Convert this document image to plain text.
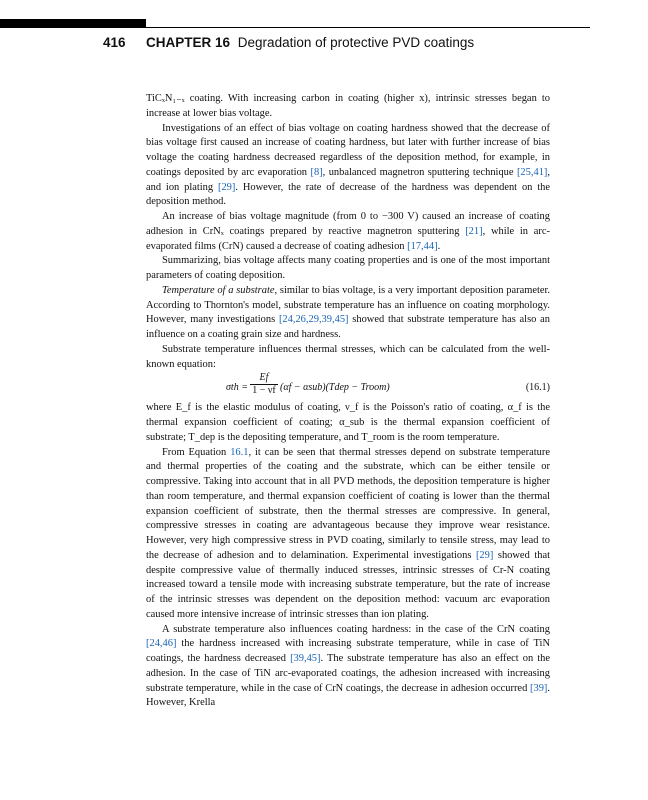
416 CHAPTER 16 Degradation of protective PVD coatings

TiCₓN₁₋ₓ coating. With increasing carbon in coating (higher x), intrinsic stresses began to increase at lower bias voltage.

Investigations of an effect of bias voltage on coating hardness showed that the decrease of bias voltage first caused an increase of coating hardness, but later with further increase of bias voltage the coating hardness decreased regardless of the deposition method, for example, in coatings deposited by arc evaporation [8], unbalanced magnetron sputtering technique [25,41], and ion plating [29]. However, the rate of decrease of the hardness was dependent on the deposition method.

An increase of bias voltage magnitude (from 0 to −300 V) caused an increase of coating adhesion in CrNₓ coatings prepared by reactive magnetron sputtering [21], while in arc-evaporated films (CrN) caused a decrease of coating adhesion [17,44].

Summarizing, bias voltage affects many coating properties and is one of the most important parameters of coating deposition.

Temperature of a substrate, similar to bias voltage, is a very important deposition parameter. According to Thornton's model, substrate temperature has an influence on coating morphology. However, many investigations [24,26,29,39,45] showed that substrate temperature has also an influence on a coating grain size and hardness.

Substrate temperature influences thermal stresses, which can be calculated from the well-known equation:

$\sigma th = \frac{Ef}{1 - \nu f} (\alpha f$ − αsub)(Tdep − Troom)	(16.1)

where E_f is the elastic modulus of coating, ν_f is the Poisson's ratio of coating, α_f is the thermal expansion coefficient of coating; α_sub is the thermal expansion coefficient of substrate; T_dep is the depositing temperature, and T_room is the room temperature.

From Equation 16.1, it can be seen that thermal stresses depend on substrate temperature and thermal properties of the coating and the substrate, which can be either tensile or compressive. Taking into account that in all PVD methods, the deposition temperature is higher than room temperature, and thermal expansion coefficient of coating is lower than the thermal expansion coefficient of substrate, then the thermal stresses are compressive. In general, compressive stresses in coating are advantageous because they improve wear resistance. However, very high compressive stress in PVD coating, similarly to tensile stress, may lead to the decrease of adhesion and to delamination. Experimental investigations [29] showed that despite compressive value of thermally induced stresses, intrinsic stresses of Cr-N coating increased toward a tensile mode with increasing substrate temperature, but the rate of increase of the intrinsic stresses was dependent on the deposition method: vacuum arc evaporation caused more intensive increase of intrinsic stresses than ion plating.

A substrate temperature also influences coating hardness: in the case of the CrN coating [24,46] the hardness increased with increasing substrate temperature, while in case of TiN coatings, the hardness decreased [39,45]. The substrate temperature has also an effect on the adhesion. In the case of TiN arc-evaporated coatings, the adhesion increased with increasing substrate temperature, while in the case of CrN coatings, the decrease in adhesion occurred [39]. However, Krella
